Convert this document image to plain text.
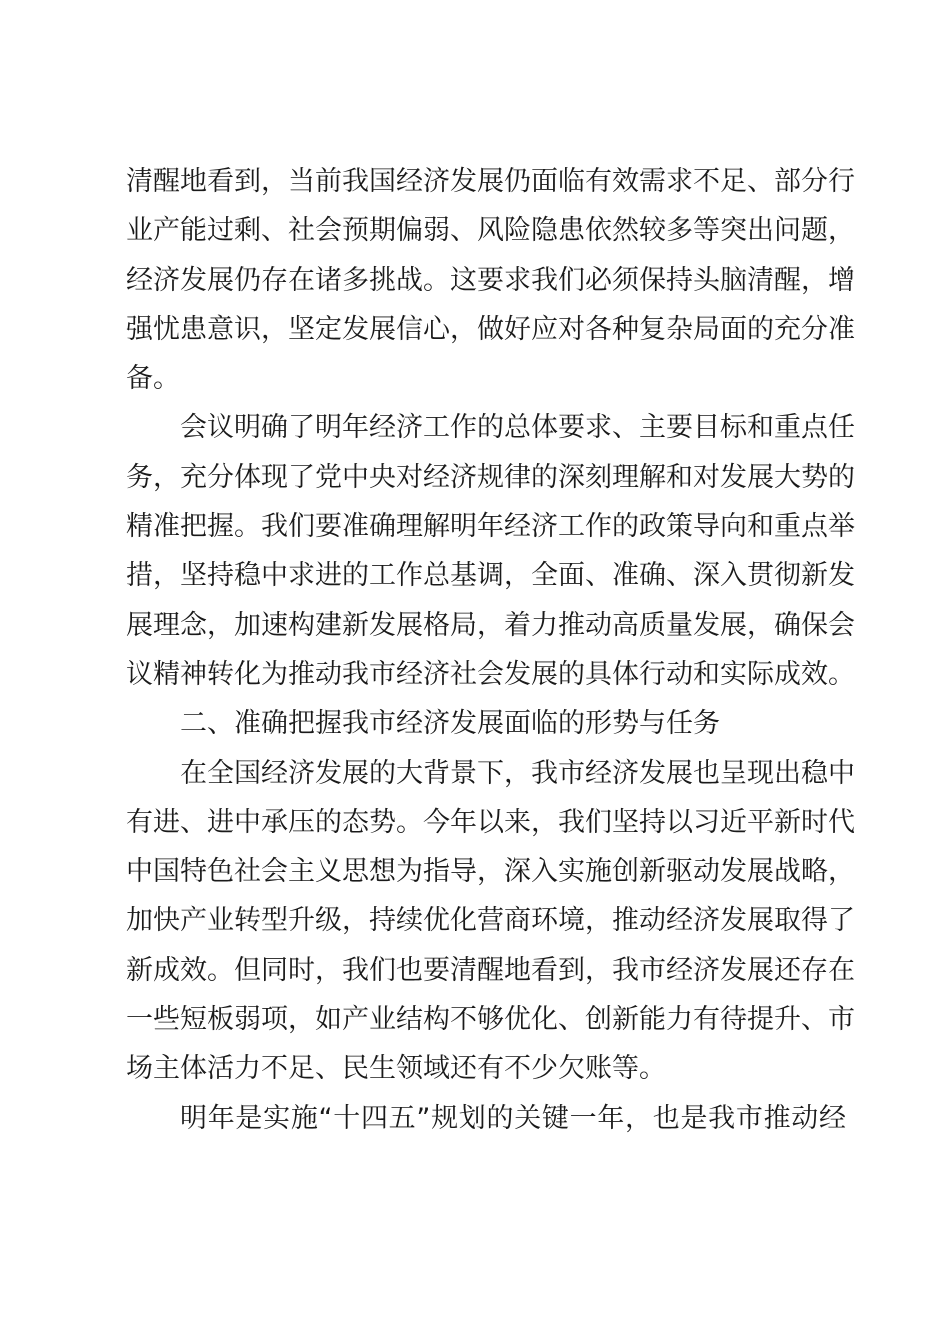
清醒地看到，当前我国经济发展仍面临有效需求不足、部分行
业产能过剩、社会预期偏弱、风险隐患依然较多等突出问题，
经济发展仍存在诸多挑战。这要求我们必须保持头脑清醒，增
强忧患意识，坚定发展信心，做好应对各种复杂局面的充分准
备。
会议明确了明年经济工作的总体要求、主要目标和重点任
务，充分体现了党中央对经济规律的深刻理解和对发展大势的
精准把握。我们要准确理解明年经济工作的政策导向和重点举
措，坚持稳中求进的工作总基调，全面、准确、深入贯彻新发
展理念，加速构建新发展格局，着力推动高质量发展，确保会
议精神转化为推动我市经济社会发展的具体行动和实际成效。
二、准确把握我市经济发展面临的形势与任务
在全国经济发展的大背景下，我市经济发展也呈现出稳中
有进、进中承压的态势。今年以来，我们坚持以习近平新时代
中国特色社会主义思想为指导，深入实施创新驱动发展战略，
加快产业转型升级，持续优化营商环境，推动经济发展取得了
新成效。但同时，我们也要清醒地看到，我市经济发展还存在
一些短板弱项，如产业结构不够优化、创新能力有待提升、市
场主体活力不足、民生领域还有不少欠账等。
明年是实施“十四五”规划的关键一年，也是我市推动经
